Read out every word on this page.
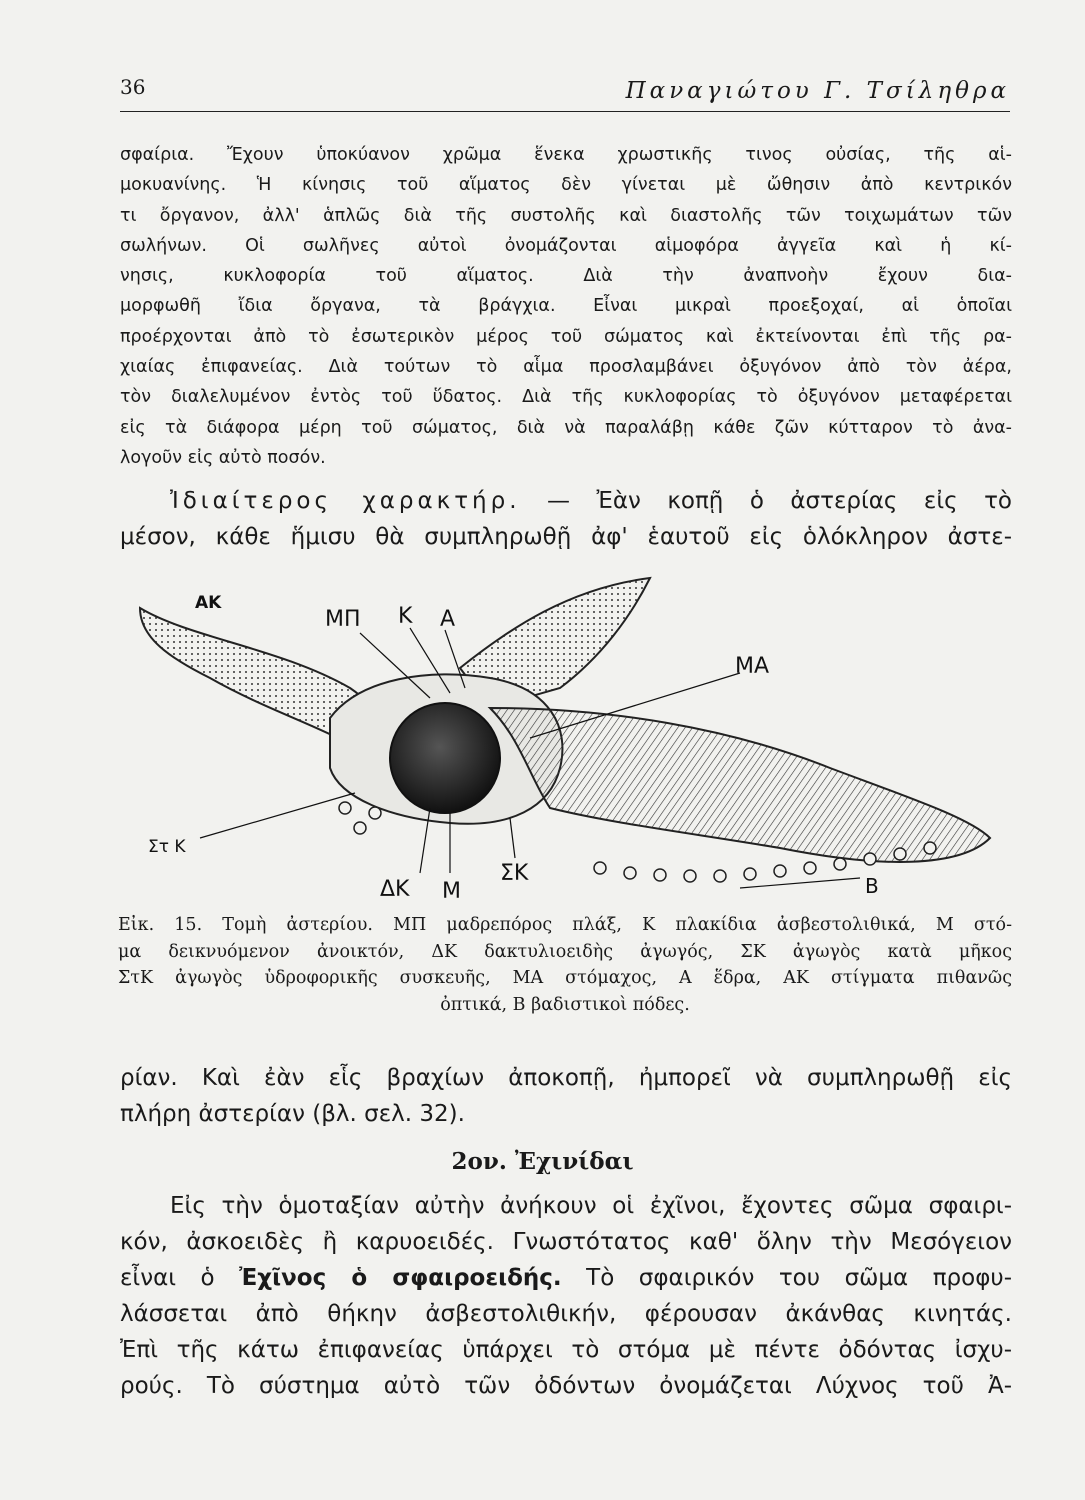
36	Παναγιώτου Γ. Τσίληθρα
σφαίρια. Ἔχουν ὑποκύανον χρῶμα ἕνεκα χρωστικῆς τινος οὐσίας, τῆς αἱ-
μοκυανίνης. Ἡ κίνησις τοῦ αἵματος δὲν γίνεται μὲ ὤθησιν ἀπὸ κεντρικόν
τι ὄργανον, ἀλλ' ἁπλῶς διὰ τῆς συστολῆς καὶ διαστολῆς τῶν τοιχωμάτων τῶν
σωλήνων. Οἱ σωλῆνες αὐτοὶ ὀνομάζονται αἱμοφόρα ἀγγεῖα καὶ ἡ κί-
νησις, κυκλοφορία τοῦ αἵματος. Διὰ τὴν ἀναπνοὴν ἔχουν δια-
μορφωθῆ ἴδια ὄργανα, τὰ βράγχια. Εἶναι μικραὶ προεξοχαί, αἱ ὁποῖαι
προέρχονται ἀπὸ τὸ ἐσωτερικὸν μέρος τοῦ σώματος καὶ ἐκτείνονται ἐπὶ τῆς ρα-
χιαίας ἐπιφανείας. Διὰ τούτων τὸ αἷμα προσλαμβάνει ὀξυγόνον ἀπὸ τὸν ἀέρα,
τὸν διαλελυμένον ἐντὸς τοῦ ὕδατος. Διὰ τῆς κυκλοφορίας τὸ ὀξυγόνον μεταφέρεται
εἰς τὰ διάφορα μέρη τοῦ σώματος, διὰ νὰ παραλάβῃ κάθε ζῶν κύτταρον τὸ ἀνα-
λογοῦν εἰς αὐτὸ ποσόν.
Ἰδιαίτερος χαρακτήρ. — Ἐὰν κοπῇ ὁ ἀστερίας εἰς τὸ
μέσον, κάθε ἥμισυ θὰ συμπληρωθῇ ἀφ' ἑαυτοῦ εἰς ὁλόκληρον ἀστε-
ΑΚ
ΜΠ Κ Α
ΜΑ
Στ Κ
ΔΚ Μ
ΣΚ	Β
Εἰκ. 15. Τομὴ ἀστερίου. ΜΠ μαδρεπόρος πλάξ, Κ πλακίδια ἀσβεστολιθικά, Μ στό-
μα δεικνυόμενον ἀνοικτόν, ΔΚ δακτυλιοειδὴς ἀγωγός, ΣΚ ἀγωγὸς κατὰ μῆκος
ΣτΚ ἀγωγὸς ὑδροφορικῆς συσκευῆς, ΜΑ στόμαχος, Α ἕδρα, ΑΚ στίγματα πιθανῶς
ὀπτικά, Β βαδιστικοὶ πόδες.
ρίαν. Καὶ ἐὰν εἷς βραχίων ἀποκοπῇ, ἠμπορεῖ νὰ συμπληρωθῇ εἰς
πλήρη ἀστερίαν (βλ. σελ. 32).
2ον. Ἐχινίδαι
Εἰς τὴν ὁμοταξίαν αὐτὴν ἀνήκουν οἱ ἐχῖνοι, ἔχοντες σῶμα σφαιρι-
κόν, ἀσκοειδὲς ἢ καρυοειδές. Γνωστότατος καθ' ὅλην τὴν Μεσόγειον
εἶναι ὁ Ἐχῖνος ὁ σφαιροειδής. Τὸ σφαιρικόν του σῶμα προφυ-
λάσσεται ἀπὸ θήκην ἀσβεστολιθικήν, φέρουσαν ἀκάνθας κινητάς.
Ἐπὶ τῆς κάτω ἐπιφανείας ὑπάρχει τὸ στόμα μὲ πέντε ὀδόντας ἰσχυ-
ρούς. Τὸ σύστημα αὐτὸ τῶν ὀδόντων ὀνομάζεται Λύχνος τοῦ Ἀ-
